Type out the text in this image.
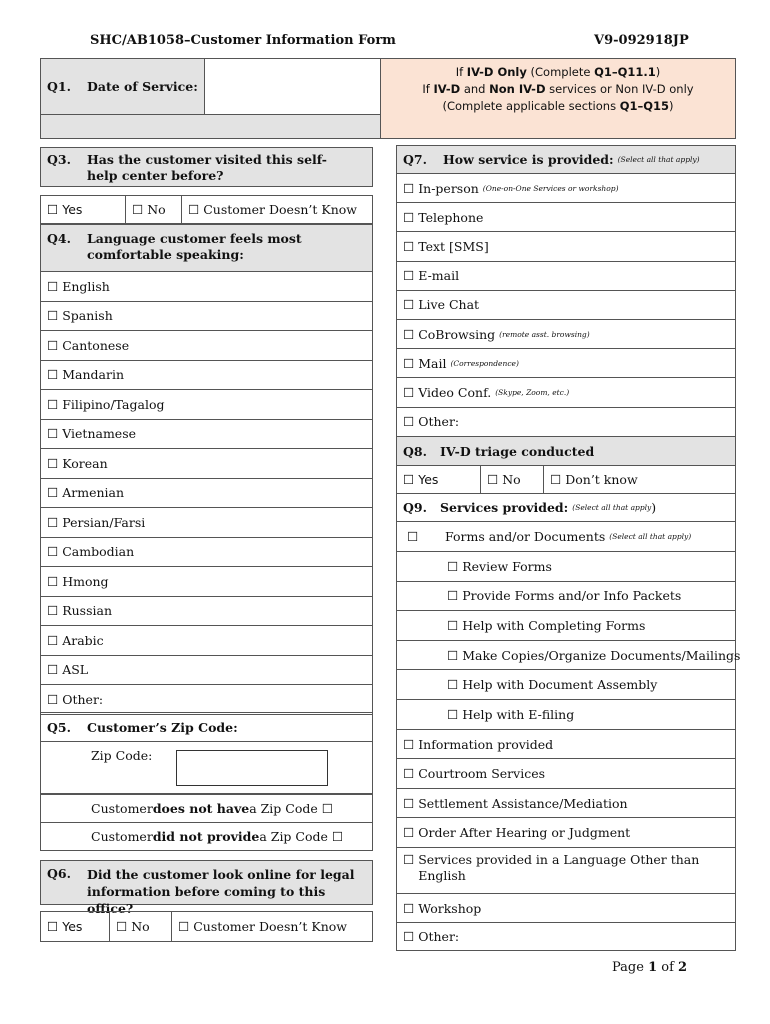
SHC/AB1058–Customer Information Form	V9-092918JP
Q1.	Date of Service:
If IV-D Only (Complete Q1–Q11.1)
If IV-D and Non IV-D services or Non IV-D only
(Complete applicable sections Q1–Q15)
Q3.	Has the customer visited this self-help center before?
☐ Yes	☐ No	☐ Customer Doesn’t Know
Q4.	Language customer feels most comfortable speaking:
☐ English
☐ Spanish
☐ Cantonese
☐ Mandarin
☐ Filipino/Tagalog
☐ Vietnamese
☐ Korean
☐ Armenian
☐ Persian/Farsi
☐ Cambodian
☐ Hmong
☐ Russian
☐ Arabic
☐ ASL
☐ Other:
Q5.	Customer’s Zip Code:
Zip Code:
Customer does not have a Zip Code ☐
Customer did not provide a Zip Code ☐
Q6.	Did the customer look online for legal information before coming to this office?
☐ Yes	☐ No	☐ Customer Doesn’t Know
Q7.	How service is provided: (Select all that apply)
☐ In-person (One-on-One Services or workshop)
☐ Telephone
☐ Text [SMS]
☐ E-mail
☐ Live Chat
☐ CoBrowsing (remote asst. browsing)
☐ Mail (Correspondence)
☐ Video Conf. (Skype, Zoom, etc.)
☐ Other:
Q8.	IV-D triage conducted
☐ Yes	☐ No	☐ Don’t know
Q9.	Services provided: (Select all that apply )
☐	Forms and/or Documents (Select all that apply)
☐ Review Forms
☐ Provide Forms and/or Info Packets
☐ Help with Completing Forms
☐ Make Copies/Organize Documents/Mailings
☐ Help with Document Assembly
☐ Help with E-filing
☐ Information provided
☐ Courtroom Services
☐ Settlement Assistance/Mediation
☐ Order After Hearing or Judgment
☐ Services provided in a Language Other than English
☐ Workshop
☐ Other:
Page 1 of 2
